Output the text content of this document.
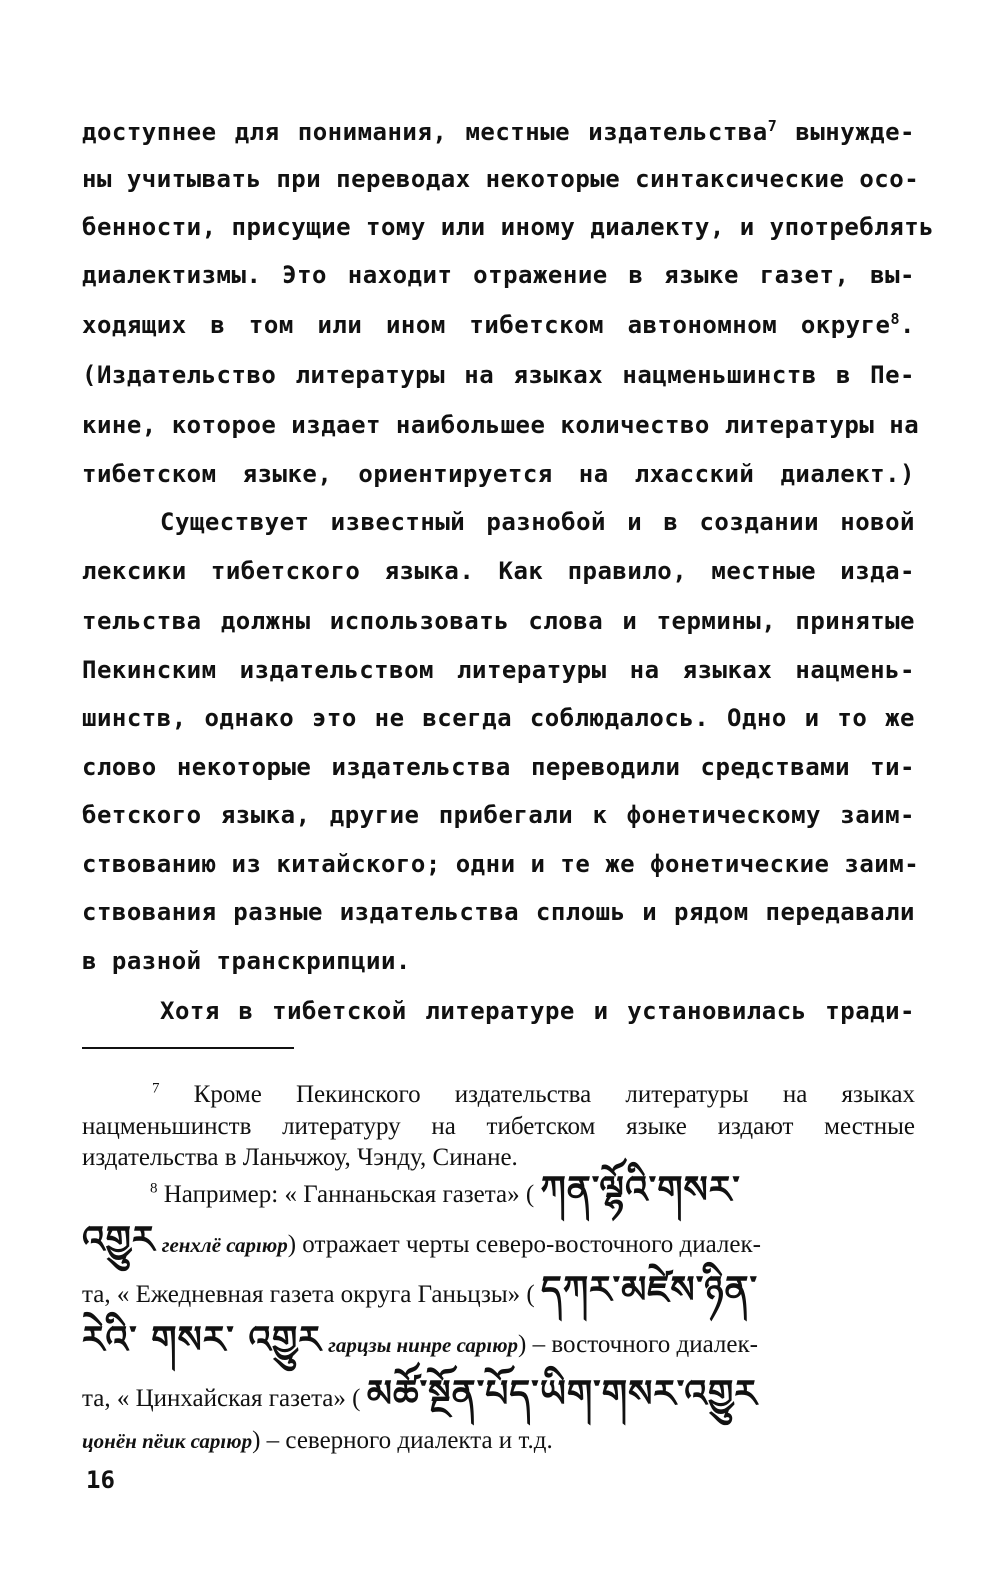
доступнее для понимания, местные издательства$^7$ вынужде-
ны учитывать при переводах некоторые синтаксические осо-
бенности, присущие тому или иному диалекту, и употреблять
диалектизмы. Это находит отражение в языке газет, вы-
ходящих в том или ином тибетском автономном округе$^8$.
(Издательство литературы на языках нацменьшинств в Пе-
кине, которое издает наибольшее количество литературы на
тибетском языке, ориентируется на лхасский диалект.)
Существует известный разнобой и в создании новой
лексики тибетского языка. Как правило, местные изда-
тельства должны использовать слова и термины, принятые
Пекинским издательством литературы на языках нацмень-
шинств, однако это не всегда соблюдалось. Одно и то же
слово некоторые издательства переводили средствами ти-
бетского языка, другие прибегали к фонетическому заим-
ствованию из китайского; одни и те же фонетические заим-
ствования разные издательства сплошь и рядом передавали
в разной транскрипции.
Хотя в тибетской литературе и установилась тради-
$^7$ Кроме Пекинского издательства литературы на языках
нацменьшинств литературу на тибетском языке издают местные
издательства в Ланьчжоу, Чэнду, Синане.
$^8$ Например: « Ганнаньская газета» ( ཀན་ལྷོའི་གསར་
འགྱུར генхлё сарıюр) отражает черты северо-восточного диалек-
та, « Ежедневная газета округа Ганьцзы» ( དཀར་མཛེས་ཉིན་
རེའི་ གསར་ འགྱུར гарцзы нинре сарıюр) – восточного диалек-
та, « Цинхайская газета» ( མཚོ་སྔོན་པོད་ཡིག་གསར་འགྱུར
цонён пёик сарıюр) – северного диалекта и т.д.
16
